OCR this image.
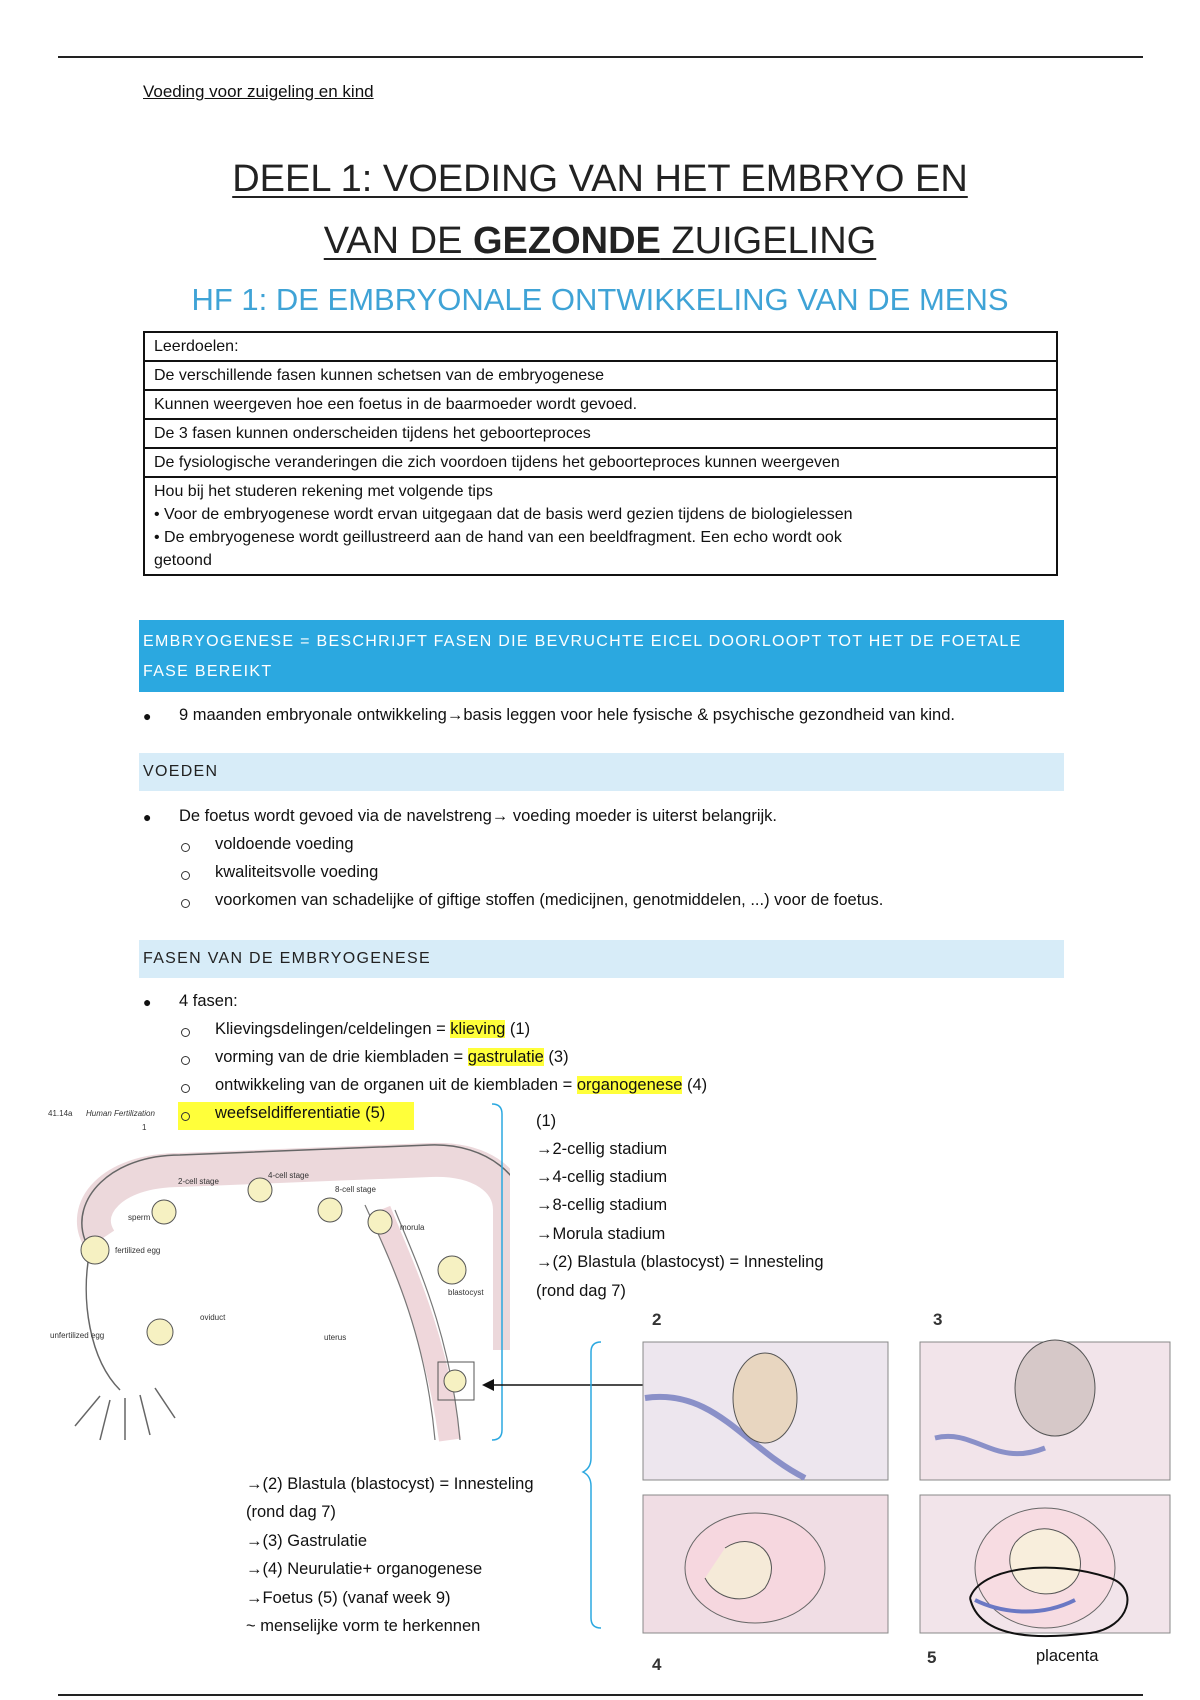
Voeding voor zuigeling en kind
DEEL 1: VOEDING VAN HET EMBRYO EN
VAN DE GEZONDE ZUIGELING
HF 1: DE EMBRYONALE ONTWIKKELING VAN DE MENS
Leerdoelen:
De verschillende fasen kunnen schetsen van de embryogenese
Kunnen weergeven hoe een foetus in de baarmoeder wordt gevoed.
De 3 fasen kunnen onderscheiden tijdens het geboorteproces
De fysiologische veranderingen die zich voordoen tijdens het geboorteproces kunnen weergeven

Hou bij het studeren rekening met volgende tips
• Voor de embryogenese wordt ervan uitgegaan dat de basis werd gezien tijdens de biologielessen
• De embryogenese wordt geillustreerd aan de hand van een beeldfragment. Een echo wordt ook getoond
EMBRYOGENESE = BESCHRIJFT FASEN DIE BEVRUCHTE EICEL DOORLOOPT TOT HET DE FOETALE FASE BEREIKT
● 9 maanden embryonale ontwikkeling→basis leggen voor hele fysische & psychische gezondheid van kind.
VOEDEN
● De foetus wordt gevoed via de navelstreng→ voeding moeder is uiterst belangrijk.
voldoende voeding
kwaliteitsvolle voeding
voorkomen van schadelijke of giftige stoffen (medicijnen, genotmiddelen, ...) voor de foetus.
FASEN VAN DE EMBRYOGENESE
● 4 fasen:
Klievingsdelingen/celdelingen = klieving (1)
vorming van de drie kiembladen = gastrulatie (3)
ontwikkeling van de organen uit de kiembladen = organogenese (4)
weefseldifferentiatie (5)
41.14a Human Fertilization
1
2-cell stage
4-cell stage
8-cell stage
morula
sperm
fertilized egg
oviduct
unfertilized egg	uterus
blastocyst
(1)
→2-cellig stadium
→4-cellig stadium
→8-cellig stadium
→Morula stadium
→(2) Blastula (blastocyst) = Innesteling
(rond dag 7)
2	3
→(2) Blastula (blastocyst) = Innesteling
(rond dag 7)
→(3) Gastrulatie
→(4) Neurulatie+ organogenese
→Foetus (5) (vanaf week 9)
~ menselijke vorm te herkennen
4	5	placenta
